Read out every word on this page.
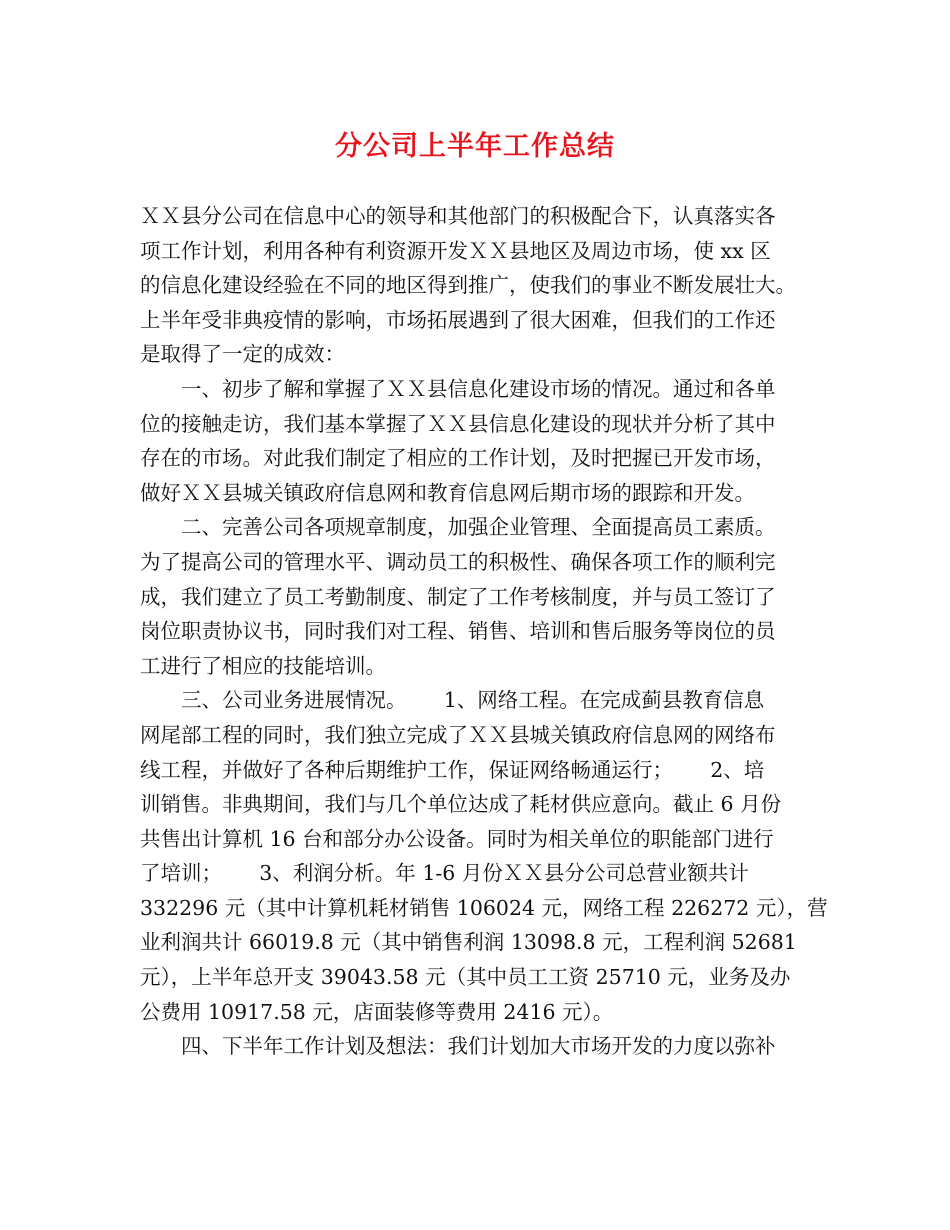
分公司上半年工作总结
ＸＸ县分公司在信息中心的领导和其他部门的积极配合下，认真落实各
项工作计划，利用各种有利资源开发ＸＸ县地区及周边市场，使 xx 区
的信息化建设经验在不同的地区得到推广，使我们的事业不断发展壮大。
上半年受非典疫情的影响，市场拓展遇到了很大困难，但我们的工作还
是取得了一定的成效：
　　一、初步了解和掌握了ＸＸ县信息化建设市场的情况。通过和各单
位的接触走访，我们基本掌握了ＸＸ县信息化建设的现状并分析了其中
存在的市场。对此我们制定了相应的工作计划，及时把握已开发市场，
做好ＸＸ县城关镇政府信息网和教育信息网后期市场的跟踪和开发。
　　二、完善公司各项规章制度，加强企业管理、全面提高员工素质。
为了提高公司的管理水平、调动员工的积极性、确保各项工作的顺利完
成，我们建立了员工考勤制度、制定了工作考核制度，并与员工签订了
岗位职责协议书，同时我们对工程、销售、培训和售后服务等岗位的员
工进行了相应的技能培训。
　　三、公司业务进展情况。　　 1、网络工程。在完成蓟县教育信息
网尾部工程的同时，我们独立完成了ＸＸ县城关镇政府信息网的网络布
线工程，并做好了各种后期维护工作，保证网络畅通运行；　　 2、培
训销售。非典期间，我们与几个单位达成了耗材供应意向。截止 6 月份
共售出计算机 16 台和部分办公设备。同时为相关单位的职能部门进行
了培训；　　 3、利润分析。年 1-6 月份ＸＸ县分公司总营业额共计
332296 元（其中计算机耗材销售 106024 元，网络工程 226272 元），营
业利润共计 66019.8 元（其中销售利润 13098.8 元，工程利润 52681
元），上半年总开支 39043.58 元（其中员工工资 25710 元，业务及办
公费用 10917.58 元，店面装修等费用 2416 元）。
　　四、下半年工作计划及想法：我们计划加大市场开发的力度以弥补
